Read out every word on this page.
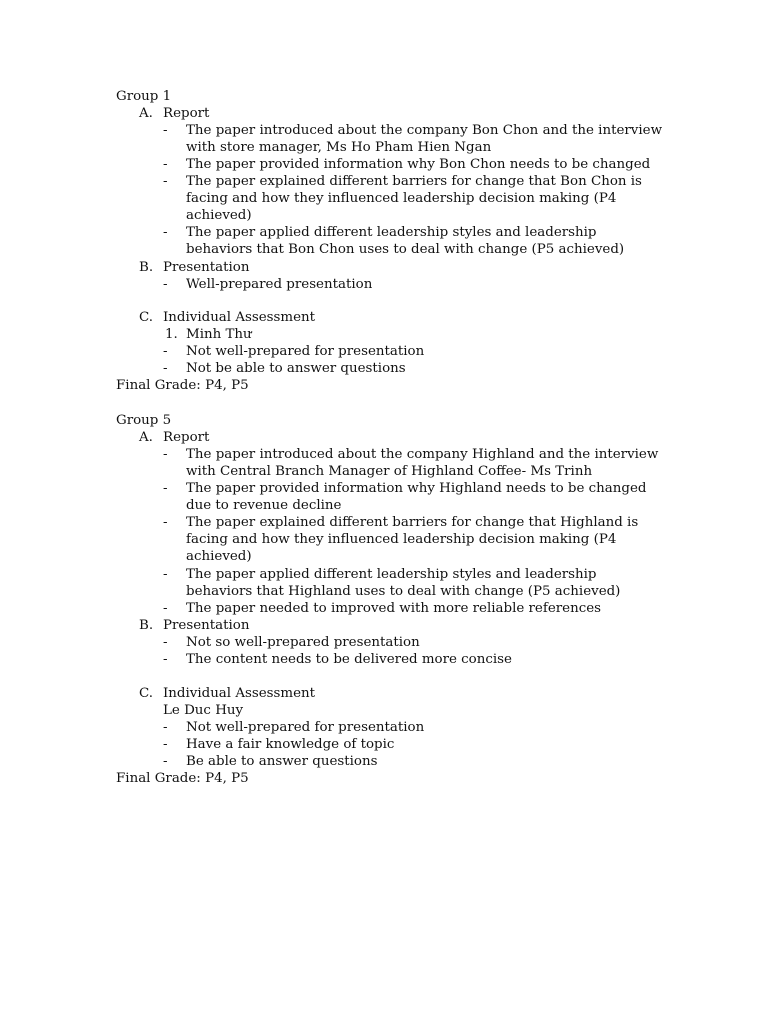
Group 1
A. Report
- The paper introduced about the company Bon Chon and the interview
with store manager, Ms Ho Pham Hien Ngan
- The paper provided information why Bon Chon needs to be changed
- The paper explained different barriers for change that Bon Chon is
facing and how they influenced leadership decision making (P4
achieved)
- The paper applied different leadership styles and leadership
behaviors that Bon Chon uses to deal with change (P5 achieved)
B. Presentation
- Well-prepared presentation
C. Individual Assessment
1. Minh Thư
- Not well-prepared for presentation
- Not be able to answer questions
Final Grade: P4, P5
Group 5
A. Report
- The paper introduced about the company Highland and the interview
with Central Branch Manager of Highland Coffee- Ms Trinh
- The paper provided information why Highland needs to be changed
due to revenue decline
- The paper explained different barriers for change that Highland is
facing and how they influenced leadership decision making (P4
achieved)
- The paper applied different leadership styles and leadership
behaviors that Highland uses to deal with change (P5 achieved)
- The paper needed to improved with more reliable references
B. Presentation
- Not so well-prepared presentation
- The content needs to be delivered more concise
C. Individual Assessment
Le Duc Huy
- Not well-prepared for presentation
- Have a fair knowledge of topic
- Be able to answer questions
Final Grade: P4, P5
